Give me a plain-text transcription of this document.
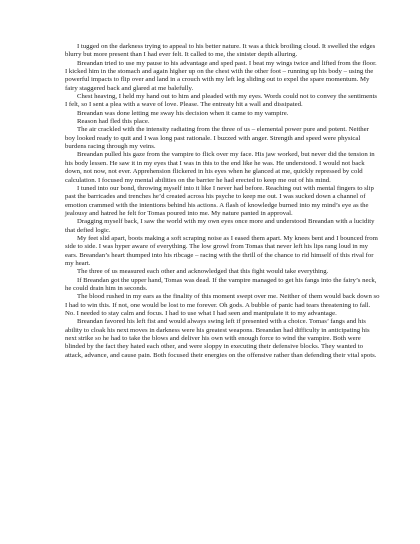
I tugged on the darkness trying to appeal to his better nature. It was a thick broiling cloud. It swelled the edges blurry but more present than I had ever felt. It called to me, the sinister depth alluring.

Breandan tried to use my pause to his advantage and sped past. I beat my wings twice and lifted from the floor. I kicked him in the stomach and again higher up on the chest with the other foot – running up his body – using the powerful impacts to flip over and land in a crouch with my left leg sliding out to expel the spare momentum. My fairy staggered back and glared at me balefully.

Chest heaving, I held my hand out to him and pleaded with my eyes. Words could not to convey the sentiments I felt, so I sent a plea with a wave of love. Please. The entreaty hit a wall and dissipated.

Breandan was done letting me sway his decision when it came to my vampire.

Reason had fled this place.

The air crackled with the intensity radiating from the three of us – elemental power pure and potent. Neither boy looked ready to quit and I was long past rationale. I buzzed with anger. Strength and speed were physical burdens racing through my veins.

Breandan pulled his gaze from the vampire to flick over my face. His jaw worked, but never did the tension in his body lessen. He saw it in my eyes that I was in this to the end like he was. He understood. I would not back down, not now, not ever. Apprehension flickered in his eyes when he glanced at me, quickly repressed by cold calculation. I focused my mental abilities on the barrier he had erected to keep me out of his mind.

I tuned into our bond, throwing myself into it like I never had before. Reaching out with mental fingers to slip past the barricades and trenches he’d created across his psyche to keep me out. I was sucked down a channel of emotion crammed with the intentions behind his actions. A flash of knowledge burned into my mind’s eye as the jealousy and hatred he felt for Tomas poured into me. My nature panted in approval.

Dragging myself back, I saw the world with my own eyes once more and understood Breandan with a lucidity that defied logic.

My feet slid apart, boots making a soft scraping noise as I eased them apart. My knees bent and I bounced from side to side. I was hyper aware of everything. The low growl from Tomas that never left his lips rang loud in my ears. Breandan’s heart thumped into his ribcage – racing with the thrill of the chance to rid himself of this rival for my heart.

The three of us measured each other and acknowledged that this fight would take everything.

If Breandan got the upper hand, Tomas was dead. If the vampire managed to get his fangs into the fairy’s neck, he could drain him in seconds.

The blood rushed in my ears as the finality of this moment swept over me. Neither of them would back down so I had to win this. If not, one would be lost to me forever. Oh gods. A bubble of panic had tears threatening to fall. No. I needed to stay calm and focus. I had to use what I had seen and manipulate it to my advantage.

Breandan favored his left fist and would always swing left if presented with a choice. Tomas’ fangs and his ability to cloak his next moves in darkness were his greatest weapons. Breandan had difficulty in anticipating his next strike so he had to take the blows and deliver his own with enough force to wind the vampire. Both were blinded by the fact they hated each other, and were sloppy in executing their defensive blocks. They wanted to attack, advance, and cause pain. Both focused their energies on the offensive rather than defending their vital spots.
